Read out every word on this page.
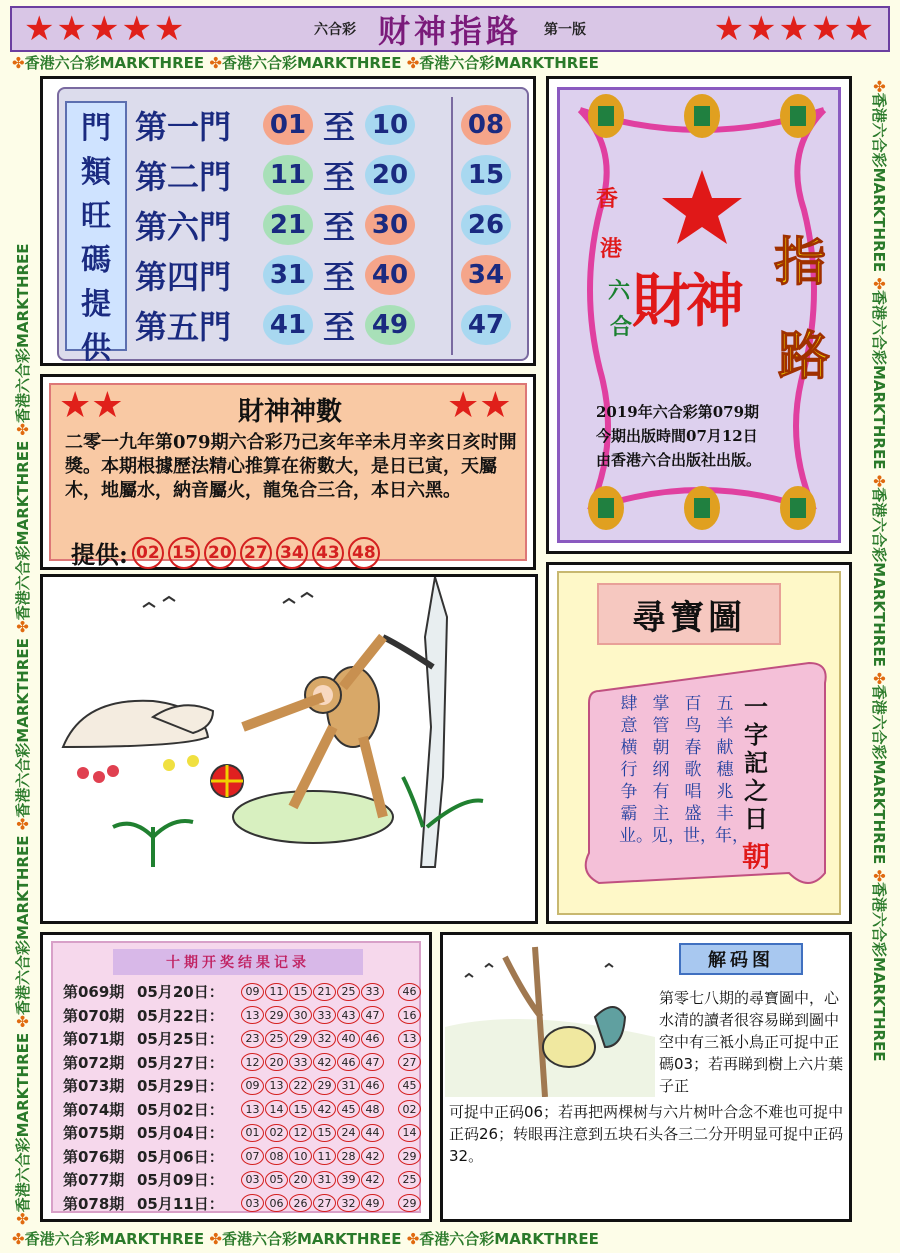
★★★★★	六合彩 财神指路 第一版	★★★★★
✤香港六合彩MARKTHREE ✤香港六合彩MARKTHREE ✤香港六合彩MARKTHREE
✤香港六合彩MARKTHREE ✤香港六合彩MARKTHREE ✤香港六合彩MARKTHREE
✤香港六合彩MARKTHREE ✤香港六合彩MARKTHREE ✤香港六合彩MARKTHREE ✤香港六合彩MARKTHREE ✤香港六合彩MARKTHREE
✤香港六合彩MARKTHREE ✤香港六合彩MARKTHREE ✤香港六合彩MARKTHREE ✤香港六合彩MARKTHREE ✤香港六合彩MARKTHREE
門
類
旺
碼
提
供
第一門	01 至 10 08
第二門	11 至 20 15
第六門	21 至 30 26
第四門	31 至 40 34
第五門	41 至 49 47
香
港
六
合 財神
指
路
2019年六合彩第079期
今期出版時間07月12日
由香港六合出版社出版。
★★	★★
財神神數
二零一九年第079期六合彩乃己亥年辛未月辛亥日亥时開獎。本期根據歷法精心推算在術數大，是日已寅，天屬木，地屬水，納音屬火，龍兔合三合，本日六黑。
提供: 02 15 20 27 34 43 48
尋寶圖
五羊献穗兆丰年，
百鸟春歌唱盛世，
掌管朝纲有主见，
肆意横行争霸业。
一字記之日
朝
十期开奖结果记录
第069期 05月20日：	09 11 15 21 25 33	46
第070期 05月22日：	13 29 30 33 43 47	16
第071期 05月25日：	23 25 29 32 40 46	13
第072期 05月27日：	12 20 33 42 46 47	27
第073期 05月29日：	09 13 22 29 31 46	45
第074期 05月02日：	13 14 15 42 45 48	02
第075期 05月04日：	01 02 12 15 24 44	14
第076期 05月06日：	07 08 10 11 28 42	29
第077期 05月09日：	03 05 20 31 39 42	25
第078期 05月11日：	03 06 26 27 32 49	29
解码图
第零七八期的尋寶圖中，心水清的讀者很容易睇到圖中空中有三袛小鳥正可捉中正碼03；若再睇到樹上六片葉子正
可捉中正码06；若再把两棵树与六片树叶合念不难也可捉中正码26；转眼再注意到五块石头各三二分开明显可捉中正码32。
